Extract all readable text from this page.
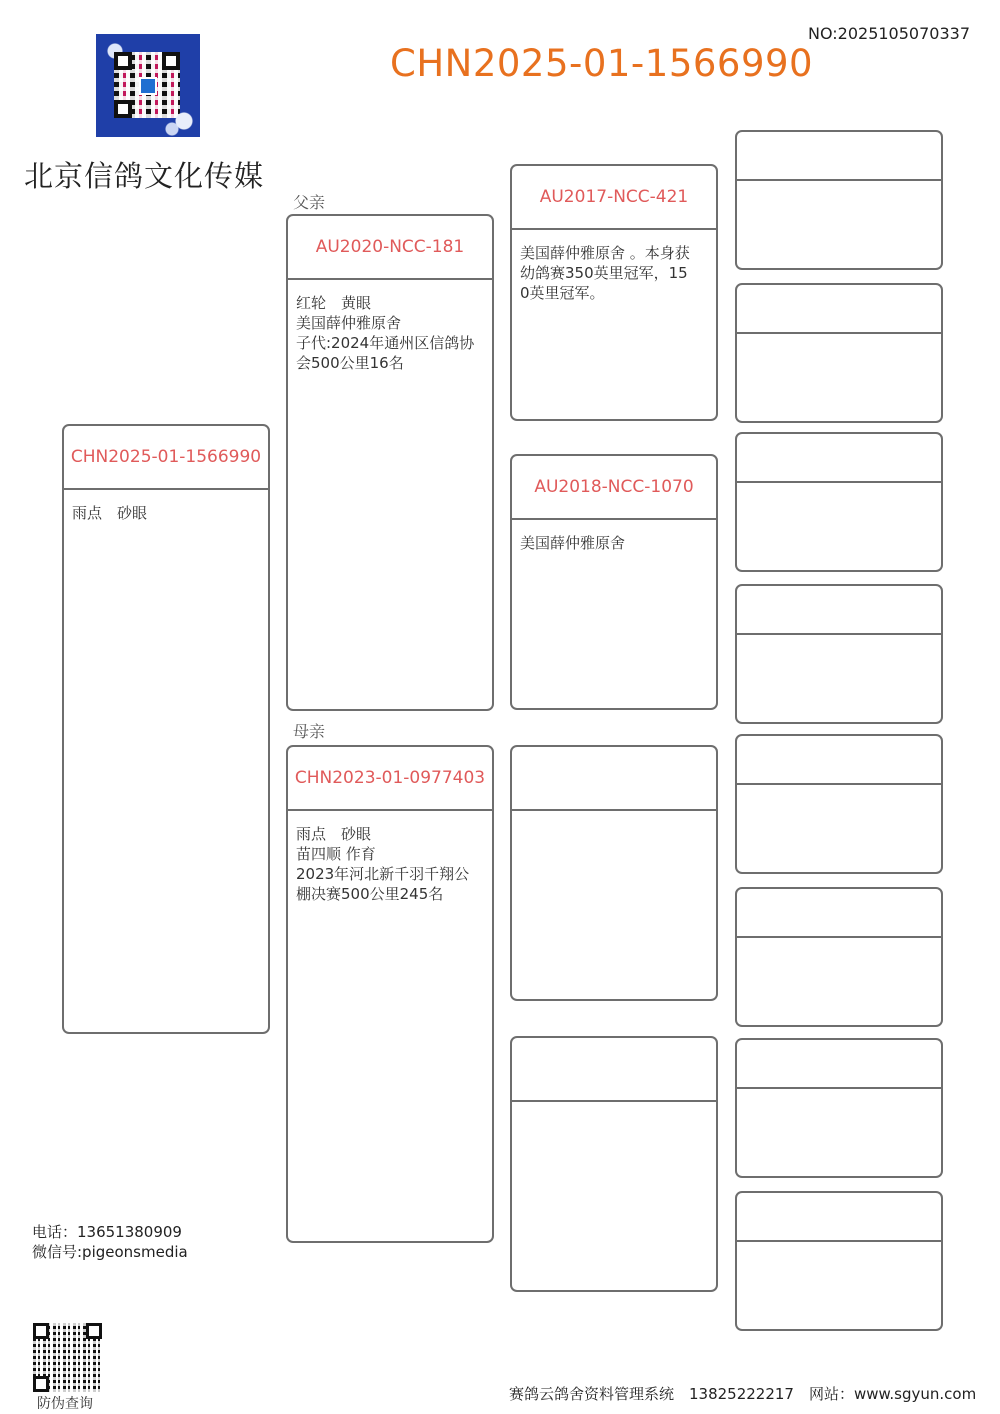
北京信鸽文化传媒
CHN2025-01-1566990
NO:2025105070337
父亲
母亲
CHN2025-01-1566990
雨点　砂眼
AU2020-NCC-181
红轮　黄眼
美国薛仲雅原舍
子代:2024年通州区信鸽协
会500公里16名
CHN2023-01-0977403
雨点　砂眼
苗四顺 作育
2023年河北新千羽千翔公
棚决赛500公里245名
AU2017-NCC-421
美国薛仲雅原舍 。本身获
幼鸽赛350英里冠军，15
0英里冠军。
AU2018-NCC-1070
美国薛仲雅原舍
电话：13651380909
微信号:pigeonsmedia
防伪查询
赛鸽云鸽舍资料管理系统　13825222217　网站：www.sgyun.com
